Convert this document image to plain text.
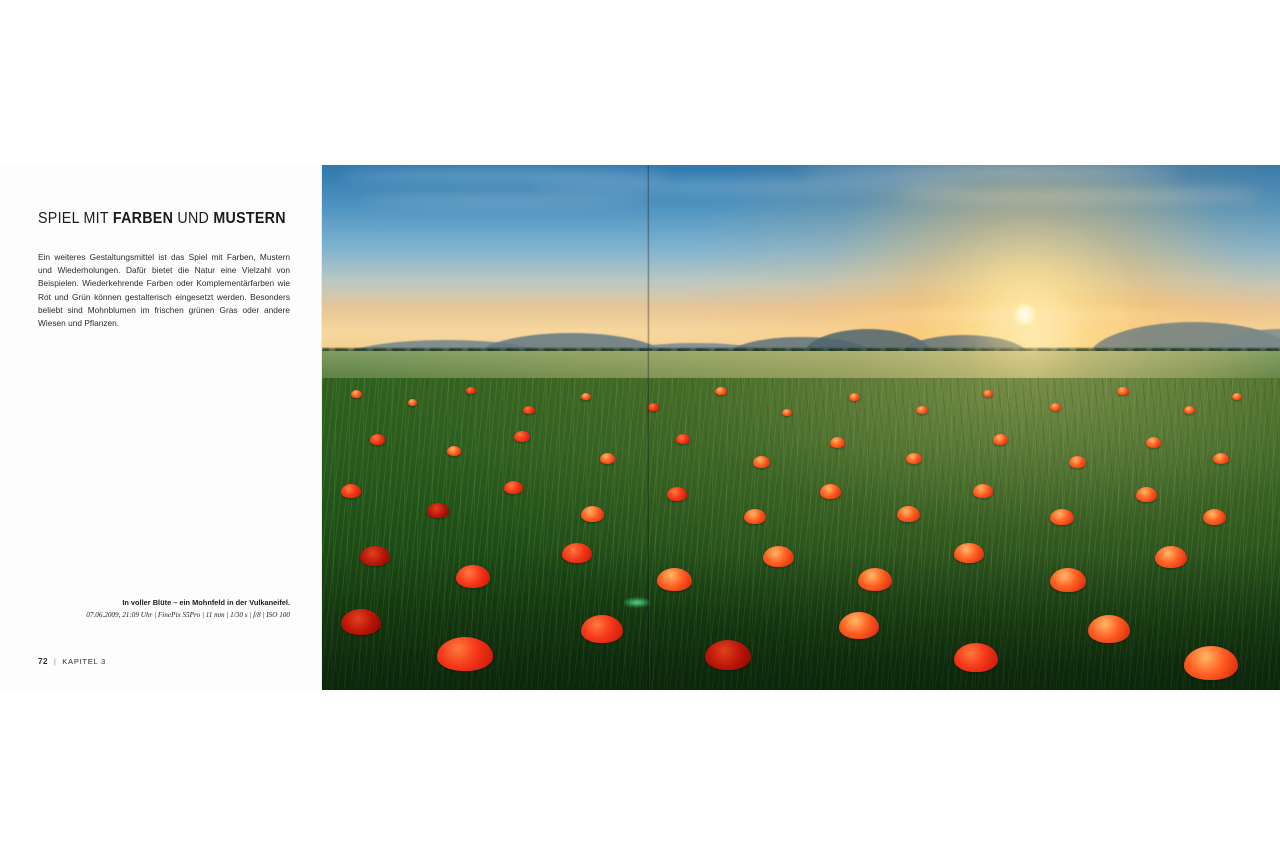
SPIEL MIT FARBEN UND MUSTERN

Ein weiteres Gestaltungsmittel ist das Spiel mit Farben, Mustern und Wiederholungen. Dafür bietet die Natur eine Vielzahl von Beispielen. Wiederkehrende Farben oder Komplementärfarben wie Rot und Grün können gestalterisch eingesetzt werden. Besonders beliebt sind Mohnblumen im frischen grünen Gras oder andere Wiesen und Pflanzen.

In voller Blüte – ein Mohnfeld in der Vulkaneifel.
07.06.2009, 21:09 Uhr | FinePix S5Pro | 11 mm | 1/30 s | f/8 | ISO 100
72 | KAPITEL 3
